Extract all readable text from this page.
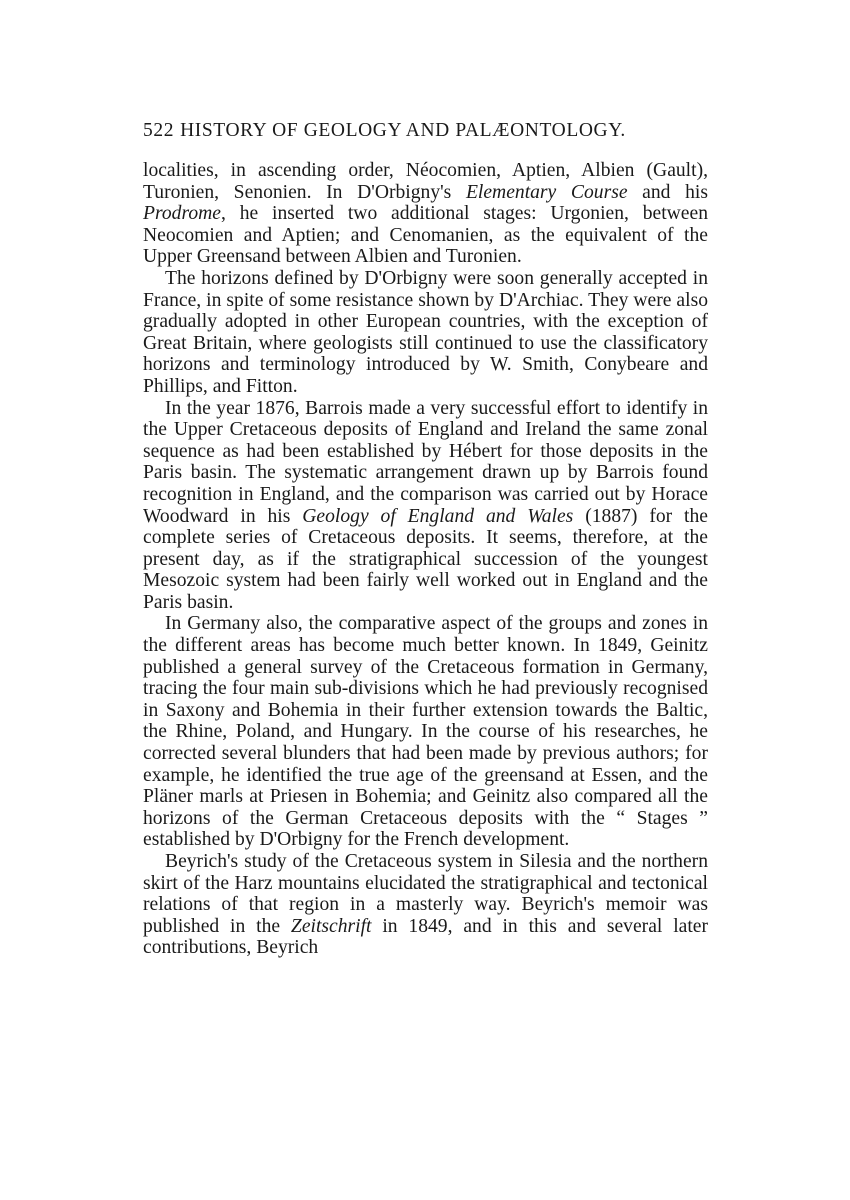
522 HISTORY OF GEOLOGY AND PALÆONTOLOGY.

localities, in ascending order, Néocomien, Aptien, Albien (Gault), Turonien, Senonien. In D'Orbigny's Elementary Course and his Prodrome, he inserted two additional stages: Urgonien, between Neocomien and Aptien; and Cenomanien, as the equivalent of the Upper Greensand between Albien and Turonien.

The horizons defined by D'Orbigny were soon generally accepted in France, in spite of some resistance shown by D'Archiac. They were also gradually adopted in other European countries, with the exception of Great Britain, where geologists still continued to use the classificatory horizons and terminology introduced by W. Smith, Conybeare and Phillips, and Fitton.

In the year 1876, Barrois made a very successful effort to identify in the Upper Cretaceous deposits of England and Ireland the same zonal sequence as had been established by Hébert for those deposits in the Paris basin. The systematic arrangement drawn up by Barrois found recognition in England, and the comparison was carried out by Horace Woodward in his Geology of England and Wales (1887) for the complete series of Cretaceous deposits. It seems, therefore, at the present day, as if the stratigraphical succession of the youngest Mesozoic system had been fairly well worked out in England and the Paris basin.

In Germany also, the comparative aspect of the groups and zones in the different areas has become much better known. In 1849, Geinitz published a general survey of the Cretaceous formation in Germany, tracing the four main sub-divisions which he had previously recognised in Saxony and Bohemia in their further extension towards the Baltic, the Rhine, Poland, and Hungary. In the course of his researches, he corrected several blunders that had been made by previous authors; for example, he identified the true age of the greensand at Essen, and the Pläner marls at Priesen in Bohemia; and Geinitz also compared all the horizons of the German Cretaceous deposits with the “ Stages ” established by D'Orbigny for the French development.

Beyrich's study of the Cretaceous system in Silesia and the northern skirt of the Harz mountains elucidated the stratigraphical and tectonical relations of that region in a masterly way. Beyrich's memoir was published in the Zeitschrift in 1849, and in this and several later contributions, Beyrich
